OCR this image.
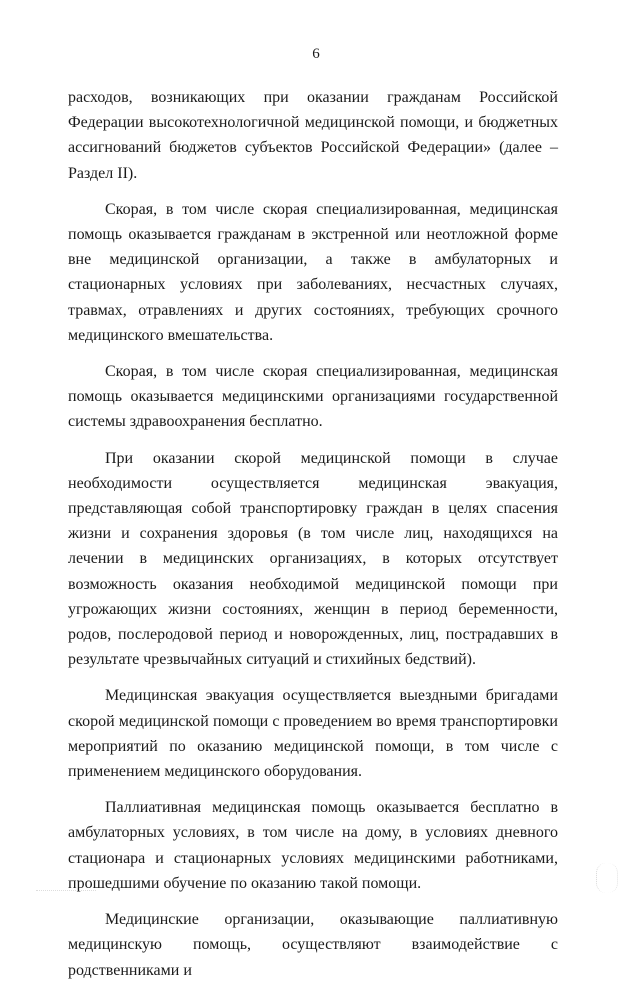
6

расходов, возникающих при оказании гражданам Российской Федерации высокотехнологичной медицинской помощи, и бюджетных ассигнований бюджетов субъектов Российской Федерации» (далее – Раздел II).

Скорая, в том числе скорая специализированная, медицинская помощь оказывается гражданам в экстренной или неотложной форме вне медицинской организации, а также в амбулаторных и стационарных условиях при заболеваниях, несчастных случаях, травмах, отравлениях и других состояниях, требующих срочного медицинского вмешательства.

Скорая, в том числе скорая специализированная, медицинская помощь оказывается медицинскими организациями государственной системы здравоохранения бесплатно.

При оказании скорой медицинской помощи в случае необходимости осуществляется медицинская эвакуация, представляющая собой транспортировку граждан в целях спасения жизни и сохранения здоровья (в том числе лиц, находящихся на лечении в медицинских организациях, в которых отсутствует возможность оказания необходимой медицинской помощи при угрожающих жизни состояниях, женщин в период беременности, родов, послеродовой период и новорожденных, лиц, пострадавших в результате чрезвычайных ситуаций и стихийных бедствий).

Медицинская эвакуация осуществляется выездными бригадами скорой медицинской помощи с проведением во время транспортировки мероприятий по оказанию медицинской помощи, в том числе с применением медицинского оборудования.

Паллиативная медицинская помощь оказывается бесплатно в амбулаторных условиях, в том числе на дому, в условиях дневного стационара и стационарных условиях медицинскими работниками, прошедшими обучение по оказанию такой помощи.

Медицинские организации, оказывающие паллиативную медицинскую помощь, осуществляют взаимодействие с родственниками и
